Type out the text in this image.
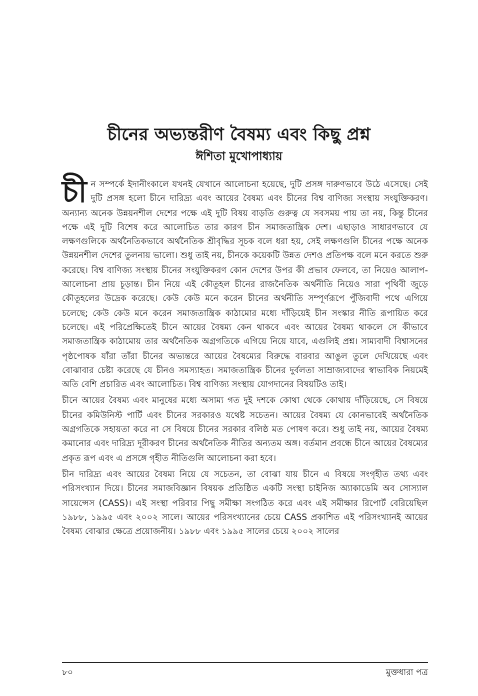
চীনের অভ্যন্তরীণ বৈষম্য এবং কিছু প্রশ্ন
ঈশিতা মুখোপাধ্যায়

চীন সম্পর্কে ইদানীংকালে যখনই যেখানে আলোচনা হয়েছে, দুটি প্রসঙ্গ দারুণভাবে উঠে এসেছে। সেই দুটি প্রসঙ্গ হলো চীনে দারিদ্র্য এবং আয়ের বৈষম্য এবং চীনের বিশ্ব বাণিজ্য সংস্থায় সংযুক্তিকরণ। অন্যান্য অনেক উন্নয়নশীল দেশের পক্ষে এই দুটি বিষয় বাড়তি গুরুত্ব যে সবসময় পায় তা নয়, কিন্তু চীনের পক্ষে এই দুটি বিশেষ করে আলোচিত তার কারণ চীন সমাজতান্ত্রিক দেশ। এছাড়াও সাধারণভাবে যে লক্ষণগুলিকে অর্থনৈতিকভাবে অর্থনৈতিক শ্রীবৃদ্ধির সূচক বলে ধরা হয়, সেই লক্ষণগুলি চীনের পক্ষে অনেক উন্নয়নশীল দেশের তুলনায় ভালো। শুধু তাই নয়, চীনকে কয়েকটি উন্নত দেশও প্রতিপক্ষ বলে মনে করতে শুরু করেছে। বিশ্ব বাণিজ্য সংস্থায় চীনের সংযুক্তিকরণ কোন দেশের উপর কী প্রভাব ফেলবে, তা নিয়েও আলাপ-আলোচনা প্রায় চূড়ান্ত। চীন নিয়ে এই কৌতূহল চীনের রাজনৈতিক অর্থনীতি নিয়েও সারা পৃথিবী জুড়ে কৌতূহলের উদ্রেক করেছে। কেউ কেউ মনে করেন চীনের অর্থনীতি সম্পূর্ণরূপে পুঁজিবাদী পথে এগিয়ে চলেছে; কেউ কেউ মনে করেন সমাজতান্ত্রিক কাঠামোর মধ্যে দাঁড়িয়েই চীন সংস্কার নীতি রূপায়িত করে চলেছে। এই পরিপ্রেক্ষিতেই চীনে আয়ের বৈষম্য কেন থাকবে এবং আয়ের বৈষম্য থাকলে সে কীভাবে সমাজতান্ত্রিক কাঠামোয় তার অর্থনৈতিক অগ্রগতিকে এগিয়ে নিয়ে যাবে, এগুলিই প্রশ্ন। সাম্যবাদী বিশ্বাসনের পৃষ্ঠপোষক যাঁরা তাঁরা চীনের অভ্যন্তরে আয়ের বৈষম্যের বিরুদ্ধে বারবার আঙুল তুলে দেখিয়েছে এবং বোঝাবার চেষ্টা করেছে যে চীনও সমস্যাহত। সমাজতান্ত্রিক চীনের দুর্বলতা সাম্রাজ্যবাদের স্বাভাবিক নিয়মেই অতি বেশি প্রচারিত এবং আলোচিত। বিশ্ব বাণিজ্য সংস্থায় যোগদানের বিষয়টিও তাই।

চীনে আয়ের বৈষম্য এবং মানুষের মধ্যে অসাম্য গত দুই দশকে কোথা থেকে কোথায় দাঁড়িয়েছে, সে বিষয়ে চীনের কমিউনিস্ট পার্টি এবং চীনের সরকারও যথেষ্ট সচেতন। আয়ের বৈষম্য যে কোনভাবেই অর্থনৈতিক অগ্রগতিকে সহায়তা করে না সে বিষয়ে চীনের সরকার বলিষ্ঠ মত পোষণ করে। শুধু তাই নয়, আয়ের বৈষম্য কমানোর এবং দারিদ্র্য দূরীকরণ চীনের অর্থনৈতিক নীতির অন্যতম অঙ্গ। বর্তমান প্রবন্ধে চীনে আয়ের বৈষম্যের প্রকৃত রূপ এবং এ প্রসঙ্গে গৃহীত নীতিগুলি আলোচনা করা হবে।

চীন দারিদ্র্য এবং আয়ের বৈষম্য নিয়ে যে সচেতন, তা বোঝা যায় চীনে এ বিষয়ে সংগৃহীত তথ্য এবং পরিসংখ্যান দিয়ে। চীনের সমাজবিজ্ঞান বিষয়ক প্রতিষ্ঠিত একটি সংস্থা চাইনিজ অ্যাকাডেমি অব সোস্যাল সায়েন্সেস (CASS)। এই সংস্থা পরিবার পিছু সমীক্ষা সংগঠিত করে এবং এই সমীক্ষার রিপোর্ট বেরিয়েছিল ১৯৮৮, ১৯৯৫ এবং ২০০২ সালে। আয়ের পরিসংখ্যানের চেয়ে CASS প্রকাশিত এই পরিসংখ্যানই আয়ের বৈষম্য বোঝার ক্ষেত্রে প্রয়োজনীয়। ১৯৮৮ এবং ১৯৯৫ সালের চেয়ে ২০০২ সালের

৮০	মুক্তধারা পত্র
